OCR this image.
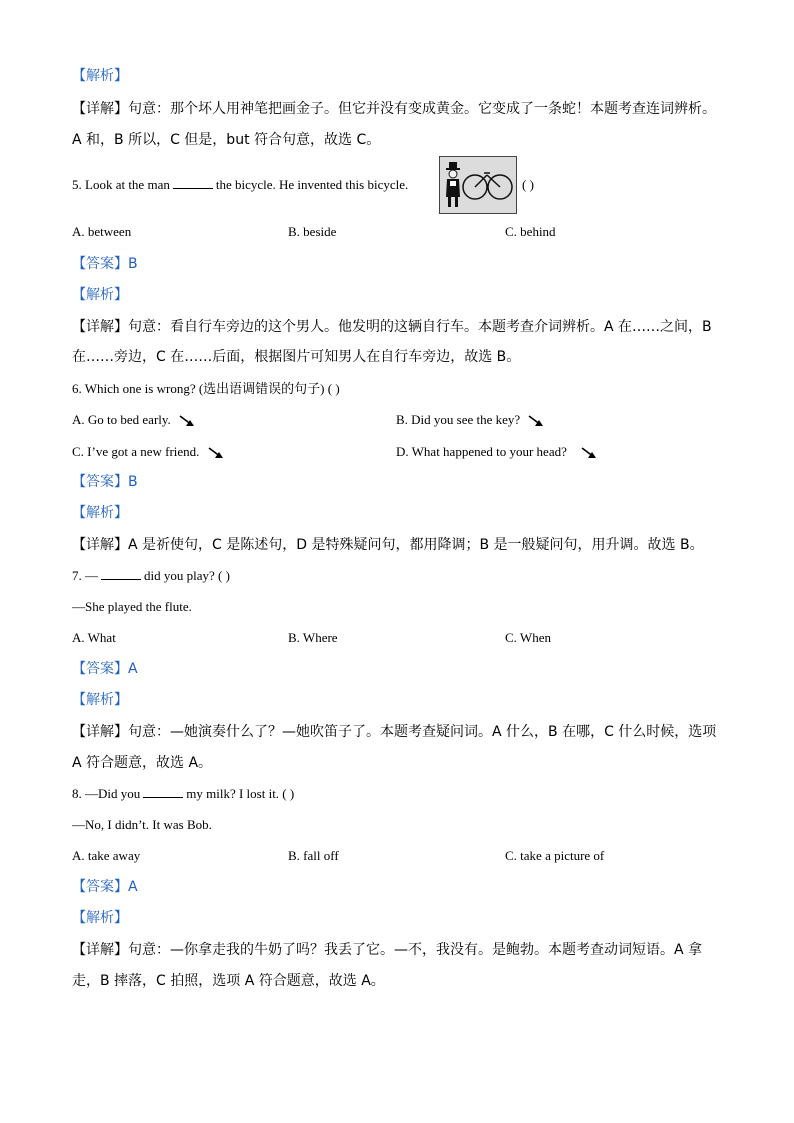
【解析】
【详解】句意：那个坏人用神笔把画金子。但它并没有变成黄金。它变成了一条蛇！本题考查连词辨析。
A 和，B 所以，C 但是，but 符合句意，故选 C。
5. Look at the man	the bicycle. He invented this bicycle.	( )
A. between	B. beside	C. behind
【答案】B
【解析】
【详解】句意：看自行车旁边的这个男人。他发明的这辆自行车。本题考查介词辨析。A 在……之间，B
在……旁边，C 在……后面，根据图片可知男人在自行车旁边，故选 B。
6. Which one is wrong? (选出语调错误的句子) ( )
A. Go to bed early.	B. Did you see the key?
C. I’ve got a new friend.	D. What happened to your head?
【答案】B
【解析】
【详解】A 是祈使句，C 是陈述句，D 是特殊疑问句，都用降调；B 是一般疑问句，用升调。故选 B。
7. —	did you play? ( )
—She played the flute.
A. What	B. Where	C. When
【答案】A
【解析】
【详解】句意：—她演奏什么了？—她吹笛子了。本题考查疑问词。A 什么，B 在哪，C 什么时候，选项
A 符合题意，故选 A。
8. —Did you	my milk? I lost it. ( )
—No, I didn’t. It was Bob.
A. take away	B. fall off	C. take a picture of
【答案】A
【解析】
【详解】句意：—你拿走我的牛奶了吗？我丢了它。—不，我没有。是鲍勃。本题考查动词短语。A 拿
走，B 摔落，C 拍照，选项 A 符合题意，故选 A。
